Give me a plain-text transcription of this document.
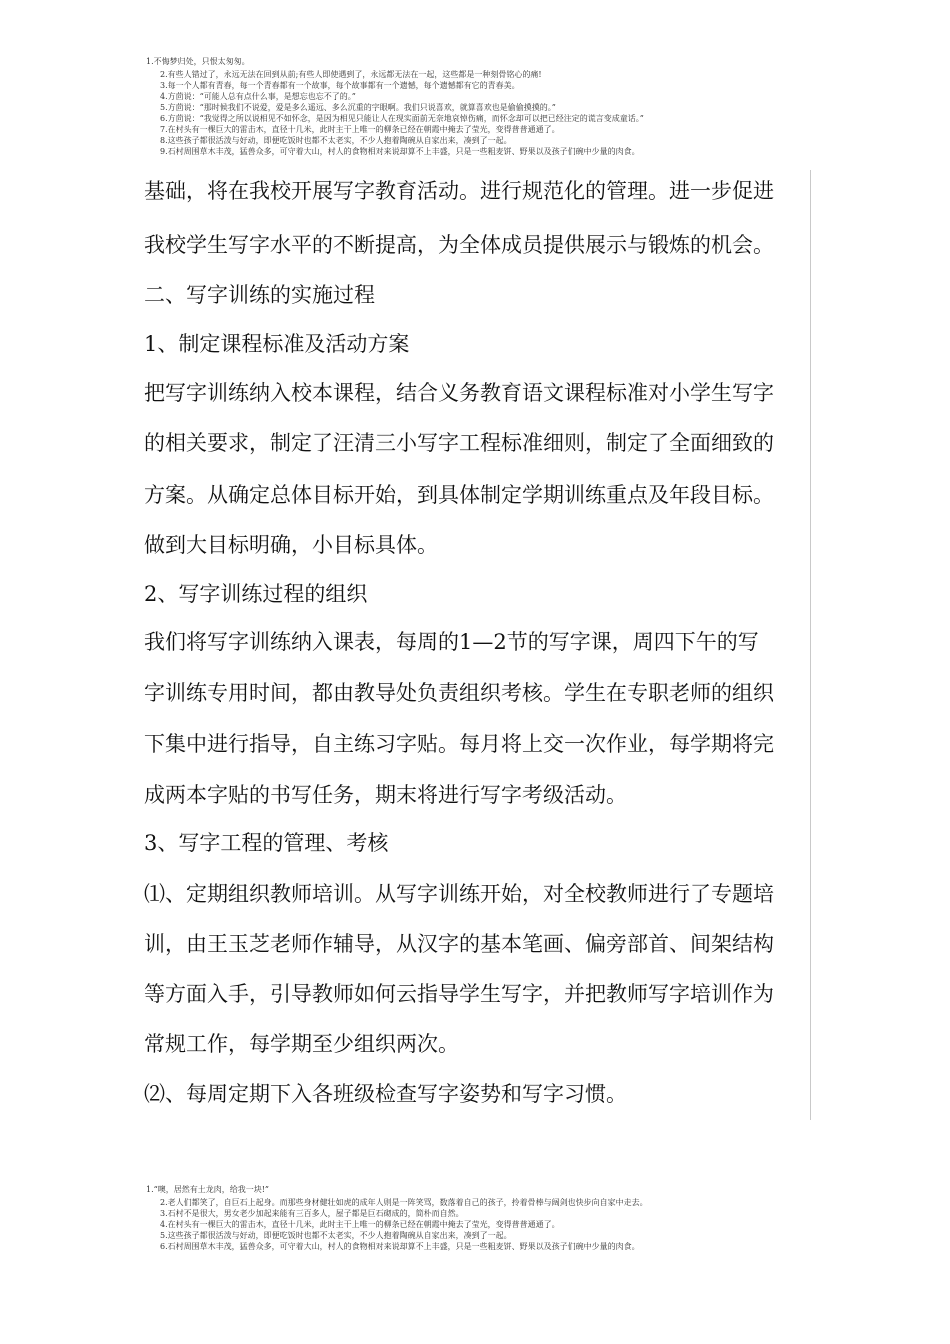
1.不悔梦归处，只恨太匆匆。
2.有些人错过了，永远无法在回到从前;有些人即使遇到了，永远都无法在一起，这些都是一种刻骨铭心的痛!
3.每一个人都有青春，每一个青春都有一个故事，每个故事都有一个遗憾，每个遗憾都有它的青春美。
4.方茴说：“可能人总有点什么事，是想忘也忘不了的。”
5.方茴说：“那时候我们不说爱，爱是多么遥远、多么沉重的字眼啊。我们只说喜欢，就算喜欢也是偷偷摸摸的。”
6.方茴说：“我觉得之所以说相见不如怀念，是因为相见只能让人在现实面前无奈地哀悼伤痛，而怀念却可以把已经注定的谎言变成童话。”
7.在村头有一棵巨大的雷击木，直径十几米，此时主干上唯一的柳条已经在朝霞中掩去了莹光，变得普普通通了。
8.这些孩子都很活泼与好动，即便吃饭时也都不太老实，不少人抱着陶碗从自家出来，凑到了一起。
9.石村周围草木丰茂，猛兽众多，可守着大山，村人的食物相对来说却算不上丰盛，只是一些粗麦饼、野果以及孩子们碗中少量的肉食。
基础，将在我校开展写字教育活动。进行规范化的管理。进一步促进
我校学生写字水平的不断提高，为全体成员提供展示与锻炼的机会。
二、写字训练的实施过程
1、制定课程标准及活动方案
把写字训练纳入校本课程，结合义务教育语文课程标准对小学生写字
的相关要求，制定了汪清三小写字工程标准细则，制定了全面细致的
方案。从确定总体目标开始，到具体制定学期训练重点及年段目标。
做到大目标明确，小目标具体。
2、写字训练过程的组织
我们将写字训练纳入课表，每周的1—2节的写字课，周四下午的写
字训练专用时间，都由教导处负责组织考核。学生在专职老师的组织
下集中进行指导，自主练习字贴。每月将上交一次作业，每学期将完
成两本字贴的书写任务，期末将进行写字考级活动。
3、写字工程的管理、考核
⑴、定期组织教师培训。从写字训练开始，对全校教师进行了专题培
训，由王玉芝老师作辅导，从汉字的基本笔画、偏旁部首、间架结构
等方面入手，引导教师如何云指导学生写字，并把教师写字培训作为
常规工作，每学期至少组织两次。
⑵、每周定期下入各班级检查写字姿势和写字习惯。
1.“噢，居然有土龙肉，给我一块!”
2.老人们都笑了，自巨石上起身。而那些身材健壮如虎的成年人则是一阵笑骂，数落着自己的孩子，拎着骨棒与阔剑也快步向自家中走去。
3.石村不是很大，男女老少加起来能有三百多人，屋子都是巨石砌成的，简朴而自然。
4.在村头有一棵巨大的雷击木，直径十几米，此时主干上唯一的柳条已经在朝霞中掩去了莹光，变得普普通通了。
5.这些孩子都很活泼与好动，即便吃饭时也都不太老实，不少人抱着陶碗从自家出来，凑到了一起。
6.石村周围草木丰茂，猛兽众多，可守着大山，村人的食物相对来说却算不上丰盛，只是一些粗麦饼、野果以及孩子们碗中少量的肉食。
